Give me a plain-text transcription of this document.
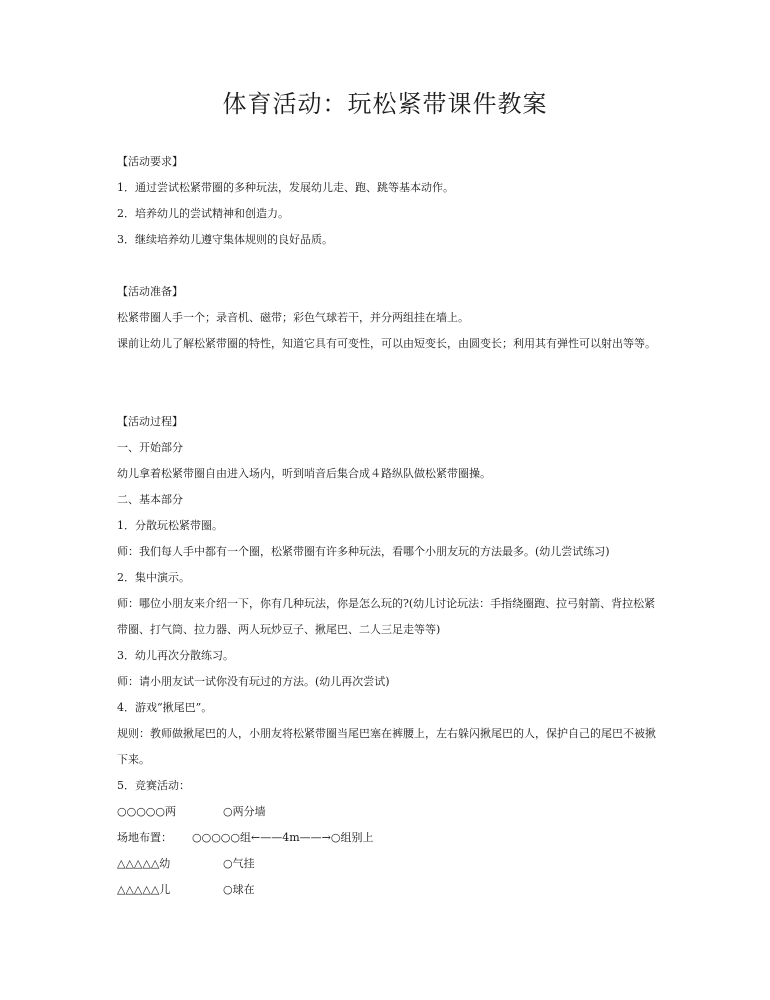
体育活动：玩松紧带课件教案
【活动要求】
1．通过尝试松紧带圈的多种玩法，发展幼儿走、跑、跳等基本动作。
2．培养幼儿的尝试精神和创造力。
3．继续培养幼儿遵守集体规则的良好品质。
【活动准备】
松紧带圈人手一个；录音机、磁带；彩色气球若干，并分两组挂在墙上。
课前让幼儿了解松紧带圈的特性，知道它具有可变性，可以由短变长，由圆变长；利用其有弹性可以射出等等。
【活动过程】
一、开始部分
幼儿拿着松紧带圈自由进入场内，听到哨音后集合成４路纵队做松紧带圈操。
二、基本部分
1．分散玩松紧带圈。
师：我们每人手中都有一个圈，松紧带圈有许多种玩法，看哪个小朋友玩的方法最多。(幼儿尝试练习)
2．集中演示。
师：哪位小朋友来介绍一下，你有几种玩法，你是怎么玩的?(幼儿讨论玩法：手指绕圈跑、拉弓射箭、背拉松紧带圈、打气筒、拉力器、两人玩炒豆子、揪尾巴、二人三足走等等)
3．幼儿再次分散练习。
师：请小朋友试一试你没有玩过的方法。(幼儿再次尝试)
4．游戏“揪尾巴”。
规则：教师做揪尾巴的人，小朋友将松紧带圈当尾巴塞在裤腰上，左右躲闪揪尾巴的人，保护自己的尾巴不被揪下来。
5．竞赛活动：
○○○○○两	○两分墙
场地布置： ○○○○○组←——4m——→○组别上
△△△△△幼	○气挂
△△△△△儿	○球在
